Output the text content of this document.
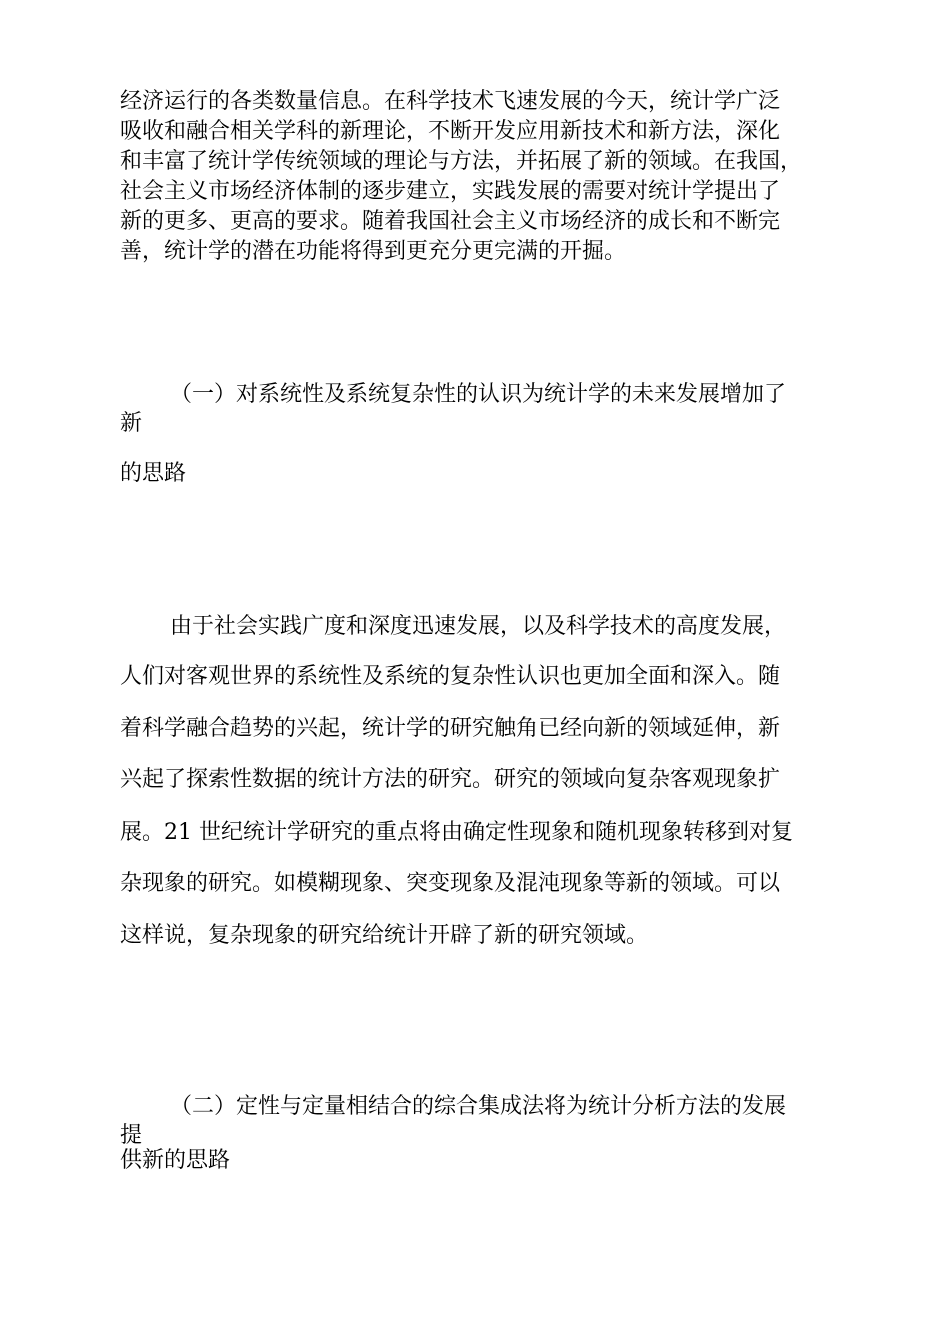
经济运行的各类数量信息。在科学技术飞速发展的今天，统计学广泛

吸收和融合相关学科的新理论，不断开发应用新技术和新方法，深化

和丰富了统计学传统领域的理论与方法，并拓展了新的领域。在我国，

社会主义市场经济体制的逐步建立，实践发展的需要对统计学提出了

新的更多、更高的要求。随着我国社会主义市场经济的成长和不断完

善，统计学的潜在功能将得到更充分更完满的开掘。

（一）对系统性及系统复杂性的认识为统计学的未来发展增加了

新

的思路

由于社会实践广度和深度迅速发展，以及科学技术的高度发展，

人们对客观世界的系统性及系统的复杂性认识也更加全面和深入。随

着科学融合趋势的兴起，统计学的研究触角已经向新的领域延伸，新

兴起了探索性数据的统计方法的研究。研究的领域向复杂客观现象扩

展。21 世纪统计学研究的重点将由确定性现象和随机现象转移到对复

杂现象的研究。如模糊现象、突变现象及混沌现象等新的领域。可以

这样说，复杂现象的研究给统计开辟了新的研究领域。

（二）定性与定量相结合的综合集成法将为统计分析方法的发展

提

供新的思路
